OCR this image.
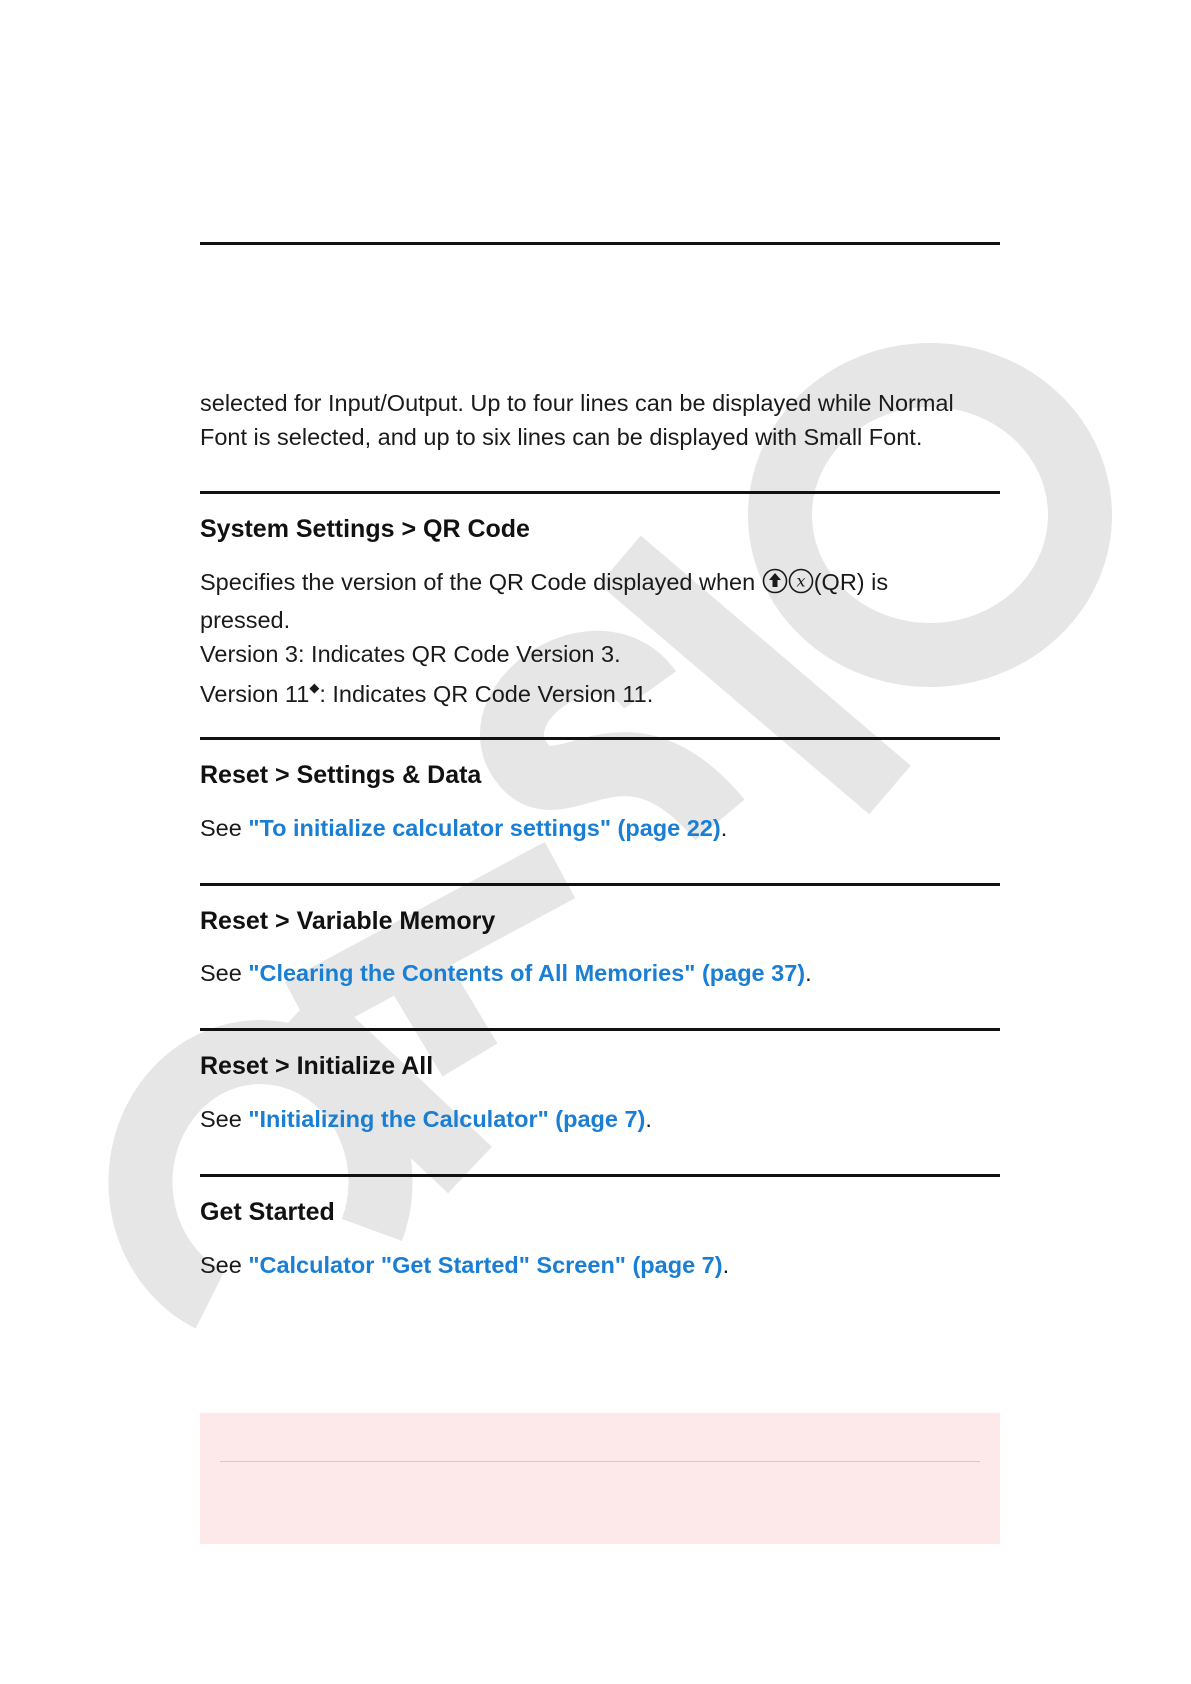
selected for Input/Output. Up to four lines can be displayed while Normal
Font is selected, and up to six lines can be displayed with Small Font.
System Settings > QR Code
Specifies the version of the QR Code displayed when x (QR) is
pressed.
Version 3: Indicates QR Code Version 3.
Version 11◆: Indicates QR Code Version 11.
Reset > Settings & Data
See "To initialize calculator settings" (page 22).
Reset > Variable Memory
See "Clearing the Contents of All Memories" (page 37).
Reset > Initialize All
See "Initializing the Calculator" (page 7).
Get Started
See "Calculator "Get Started" Screen" (page 7).
